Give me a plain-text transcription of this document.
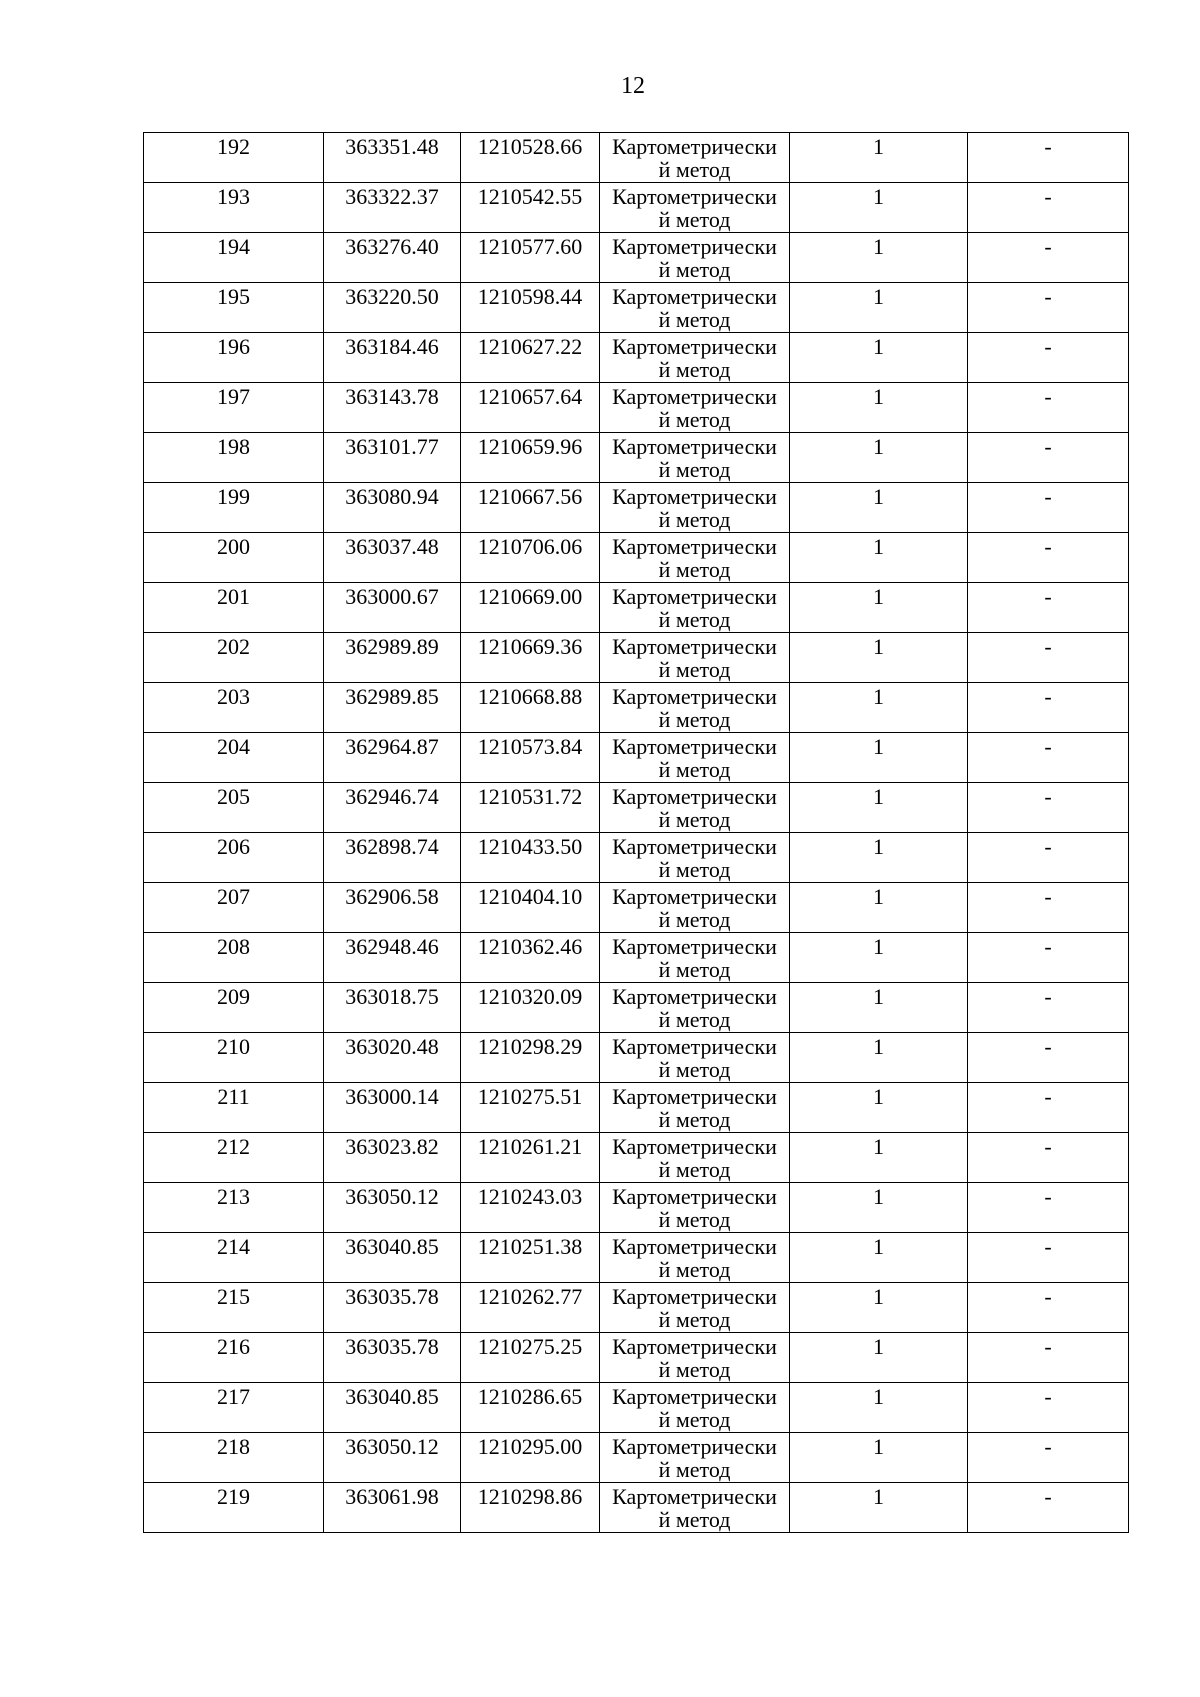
12
192	363351.48	1210528.66	Картометрически
й метод	1	-

193	363322.37	1210542.55	Картометрически
й метод	1	-

194	363276.40	1210577.60	Картометрически
й метод	1	-

195	363220.50	1210598.44	Картометрически
й метод	1	-

196	363184.46	1210627.22	Картометрически
й метод	1	-

197	363143.78	1210657.64	Картометрически
й метод	1	-

198	363101.77	1210659.96	Картометрически
й метод	1	-

199	363080.94	1210667.56	Картометрически
й метод	1	-

200	363037.48	1210706.06	Картометрически
й метод	1	-

201	363000.67	1210669.00	Картометрически
й метод	1	-

202	362989.89	1210669.36	Картометрически
й метод	1	-

203	362989.85	1210668.88	Картометрически
й метод	1	-

204	362964.87	1210573.84	Картометрически
й метод	1	-

205	362946.74	1210531.72	Картометрически
й метод	1	-

206	362898.74	1210433.50	Картометрически
й метод	1	-

207	362906.58	1210404.10	Картометрически
й метод	1	-

208	362948.46	1210362.46	Картометрически
й метод	1	-

209	363018.75	1210320.09	Картометрически
й метод	1	-

210	363020.48	1210298.29	Картометрически
й метод	1	-

211	363000.14	1210275.51	Картометрически
й метод	1	-

212	363023.82	1210261.21	Картометрически
й метод	1	-

213	363050.12	1210243.03	Картометрически
й метод	1	-

214	363040.85	1210251.38	Картометрически
й метод	1	-

215	363035.78	1210262.77	Картометрически
й метод	1	-

216	363035.78	1210275.25	Картометрически
й метод	1	-

217	363040.85	1210286.65	Картометрически
й метод	1	-

218	363050.12	1210295.00	Картометрически
й метод	1	-

219	363061.98	1210298.86	Картометрически
й метод	1	-
